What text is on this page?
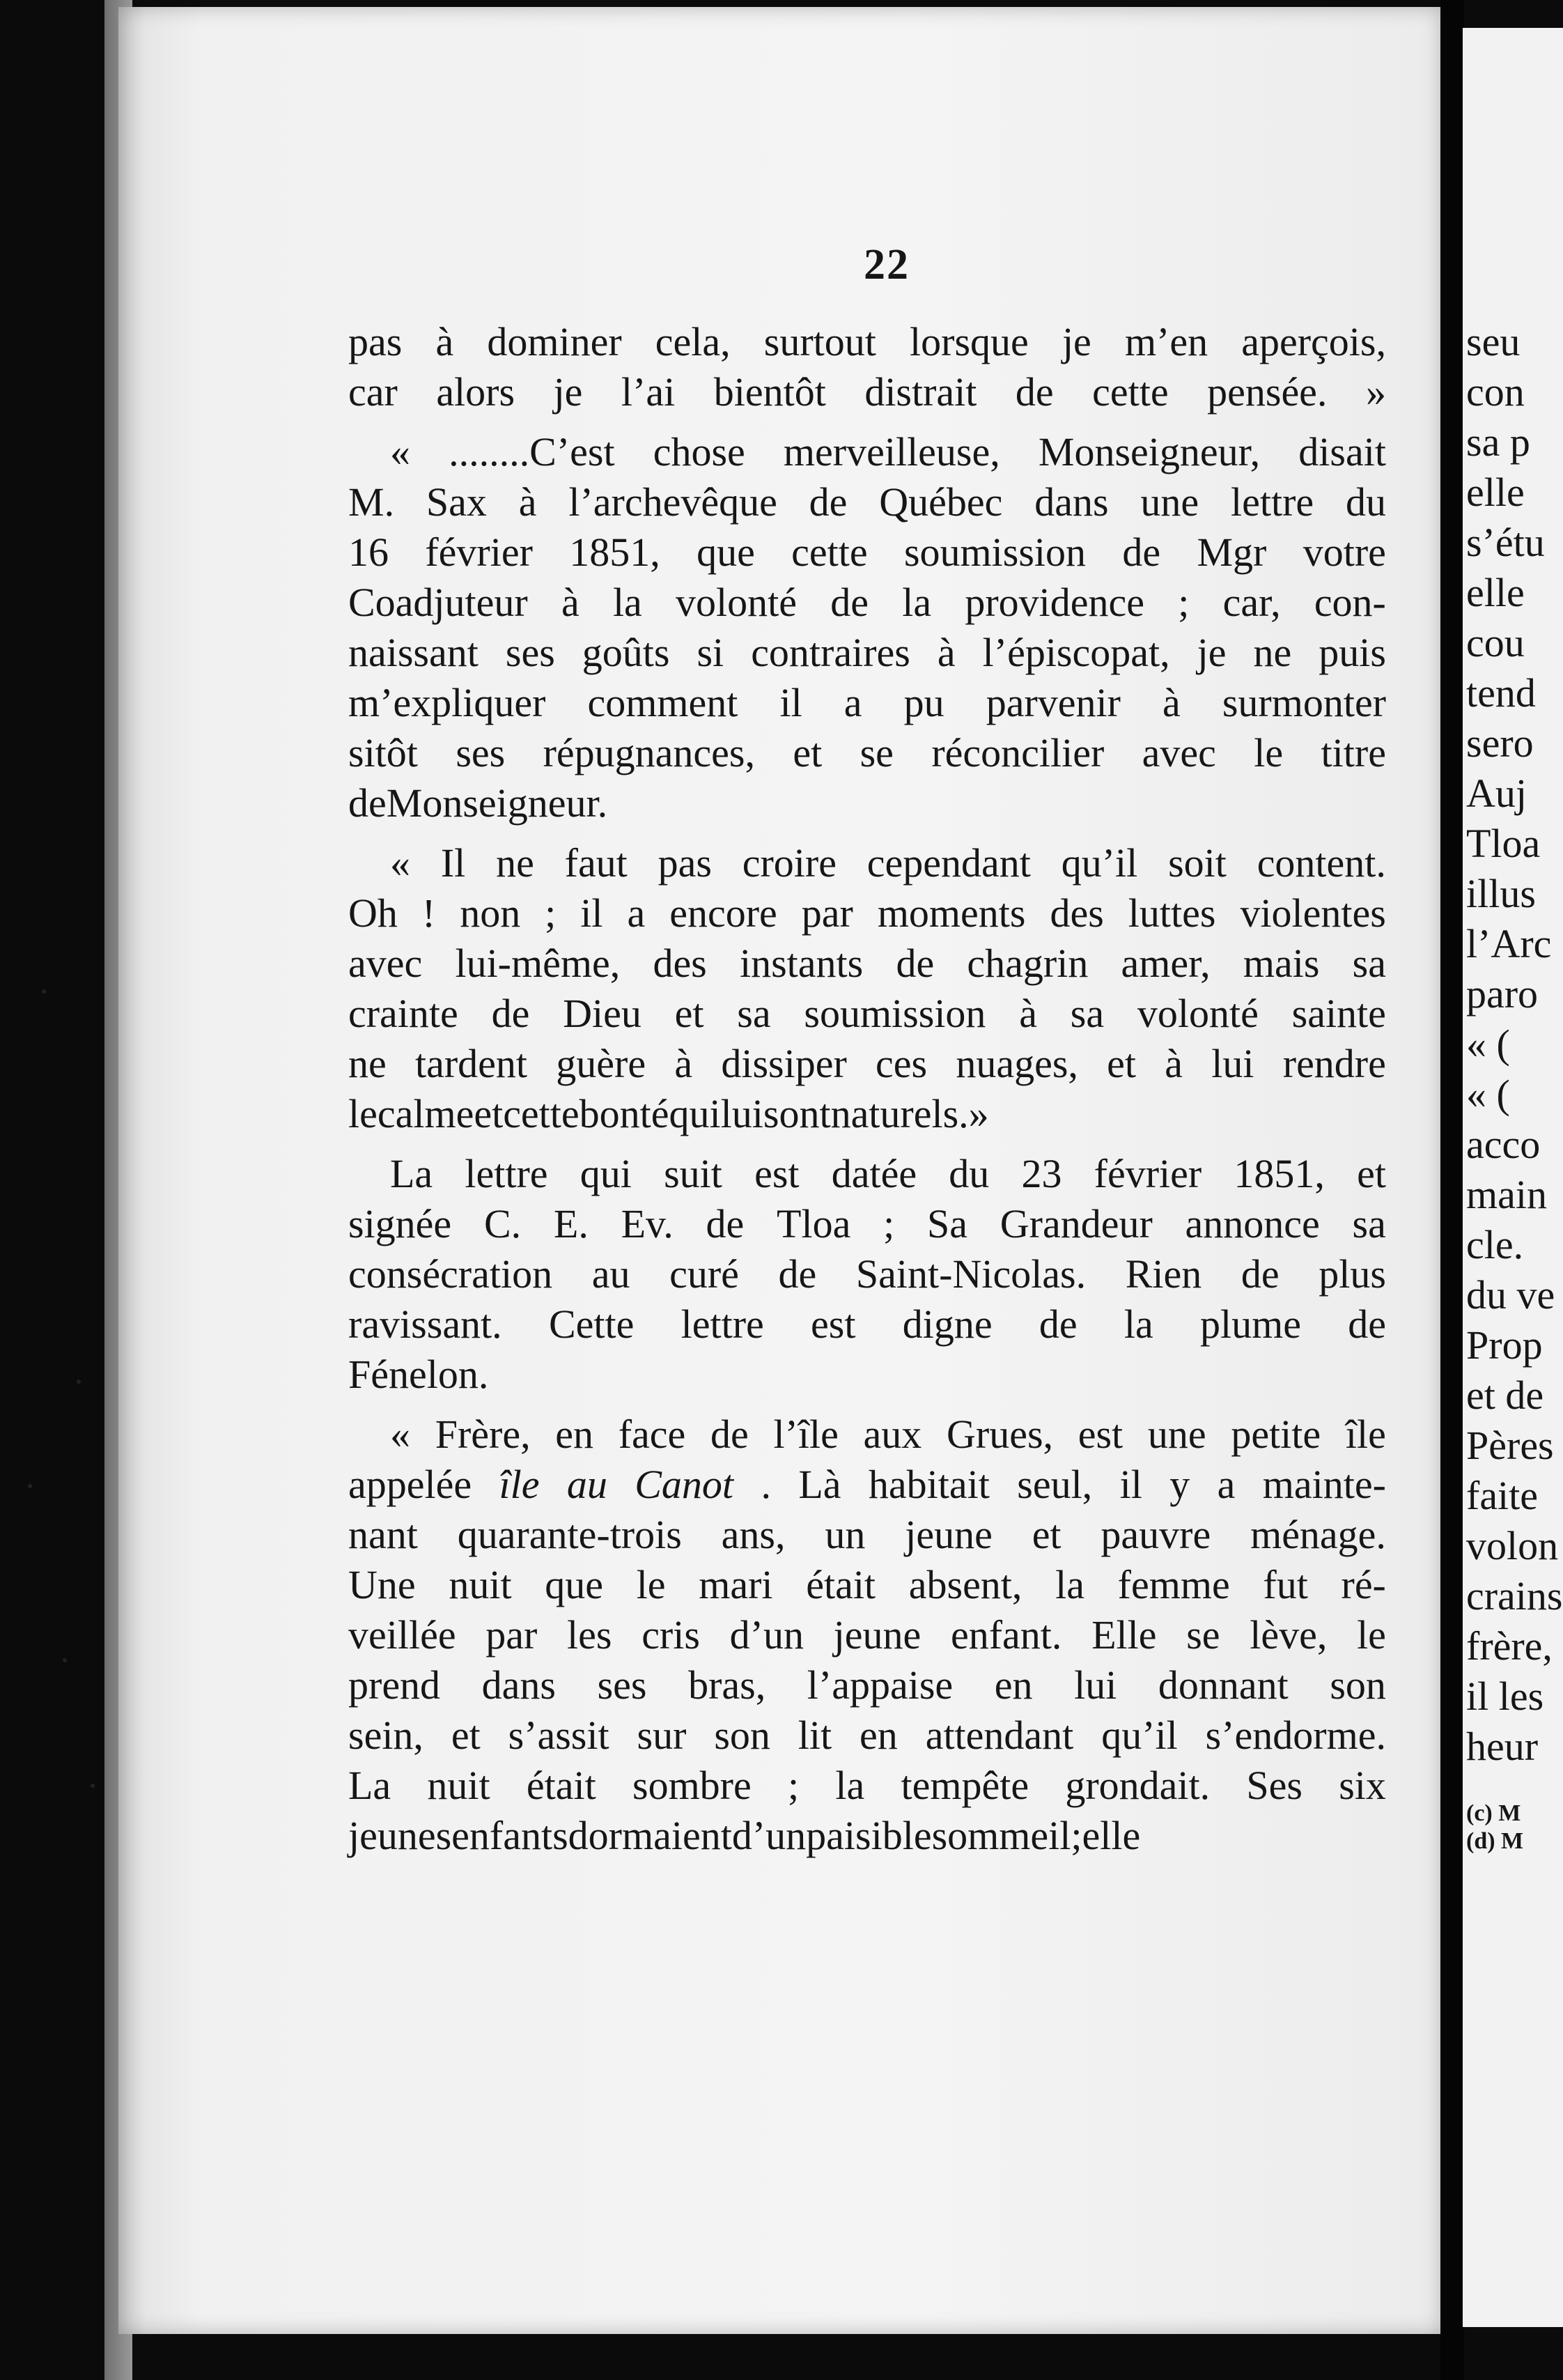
22
pas à dominer cela, surtout lorsque je m’en aperçois,
car alors je l’ai bientôt distrait de cette pensée. »
« ........C’est chose merveilleuse, Monseigneur, disait
M. Sax à l’archevêque de Québec dans une lettre du
16 février 1851, que cette soumission de Mgr votre
Coadjuteur à la volonté de la providence ; car, con-
naissant ses goûts si contraires à l’épiscopat, je ne puis
m’expliquer comment il a pu parvenir à surmonter
sitôt ses répugnances, et se réconcilier avec le titre
de Monseigneur.
« Il ne faut pas croire cependant qu’il soit content.
Oh ! non ; il a encore par moments des luttes violentes
avec lui-même, des instants de chagrin amer, mais sa
crainte de Dieu et sa soumission à sa volonté sainte
ne tardent guère à dissiper ces nuages, et à lui rendre
le calme et cette bonté qui lui sont naturels. »
La lettre qui suit est datée du 23 février 1851, et
signée C. E. Ev. de Tloa ; Sa Grandeur annonce sa
consécration au curé de Saint-Nicolas. Rien de plus
ravissant. Cette lettre est digne de la plume de
Fénelon.
« Frère, en face de l’île aux Grues, est une petite île
appelée île au Canot . Là habitait seul, il y a mainte-
nant quarante-trois ans, un jeune et pauvre ménage.
Une nuit que le mari était absent, la femme fut ré-
veillée par les cris d’un jeune enfant. Elle se lève, le
prend dans ses bras, l’appaise en lui donnant son
sein, et s’assit sur son lit en attendant qu’il s’endorme.
La nuit était sombre ; la tempête grondait. Ses six
jeunes enfants dormaient d’un paisible sommeil ; elle
seu
con
sa p
elle
s’étu
elle
cou
tend
sero
Auj
Tloa
illus
l’Arc
paro
« (
« (
acco
main
cle.
du ve
Prop
et de
Pères
faite
volon
crains
frère,
il les
heur
(c) M
(d) M
